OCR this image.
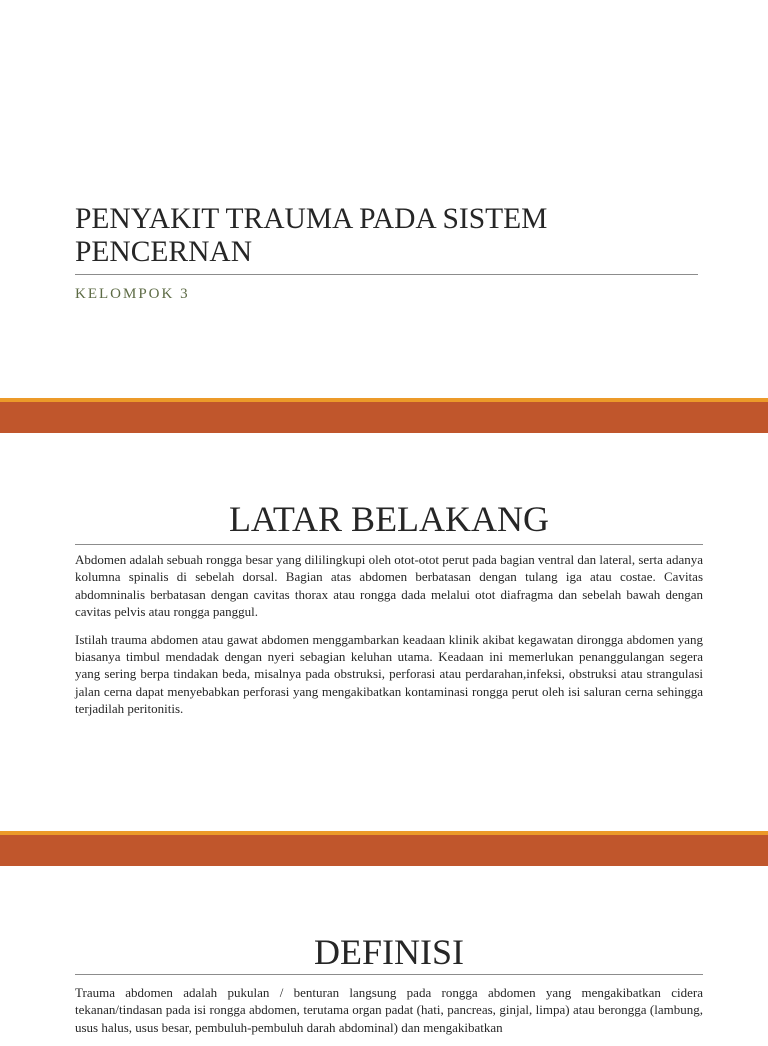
PENYAKIT TRAUMA PADA SISTEM PENCERNAN
KELOMPOK 3
LATAR BELAKANG

Abdomen adalah sebuah rongga besar yang dililingkupi oleh otot-otot perut pada bagian ventral dan lateral, serta adanya kolumna spinalis di sebelah dorsal. Bagian atas abdomen berbatasan dengan tulang iga atau costae. Cavitas abdomninalis berbatasan dengan cavitas thorax atau rongga dada melalui otot diafragma dan sebelah bawah dengan cavitas pelvis atau rongga panggul.

Istilah trauma abdomen atau gawat abdomen menggambarkan keadaan klinik akibat kegawatan dirongga abdomen yang biasanya timbul mendadak dengan nyeri sebagian keluhan utama. Keadaan ini memerlukan penanggulangan segera yang sering berpa tindakan beda, misalnya pada obstruksi, perforasi atau perdarahan,infeksi, obstruksi atau strangulasi jalan cerna dapat menyebabkan perforasi yang mengakibatkan kontaminasi rongga perut oleh isi saluran cerna sehingga terjadilah peritonitis.

DEFINISI

Trauma abdomen adalah pukulan / benturan langsung pada rongga abdomen yang mengakibatkan cidera tekanan/tindasan pada isi rongga abdomen, terutama organ padat (hati, pancreas, ginjal, limpa) atau berongga (lambung, usus halus, usus besar, pembuluh-pembuluh darah abdominal) dan mengakibatkan
